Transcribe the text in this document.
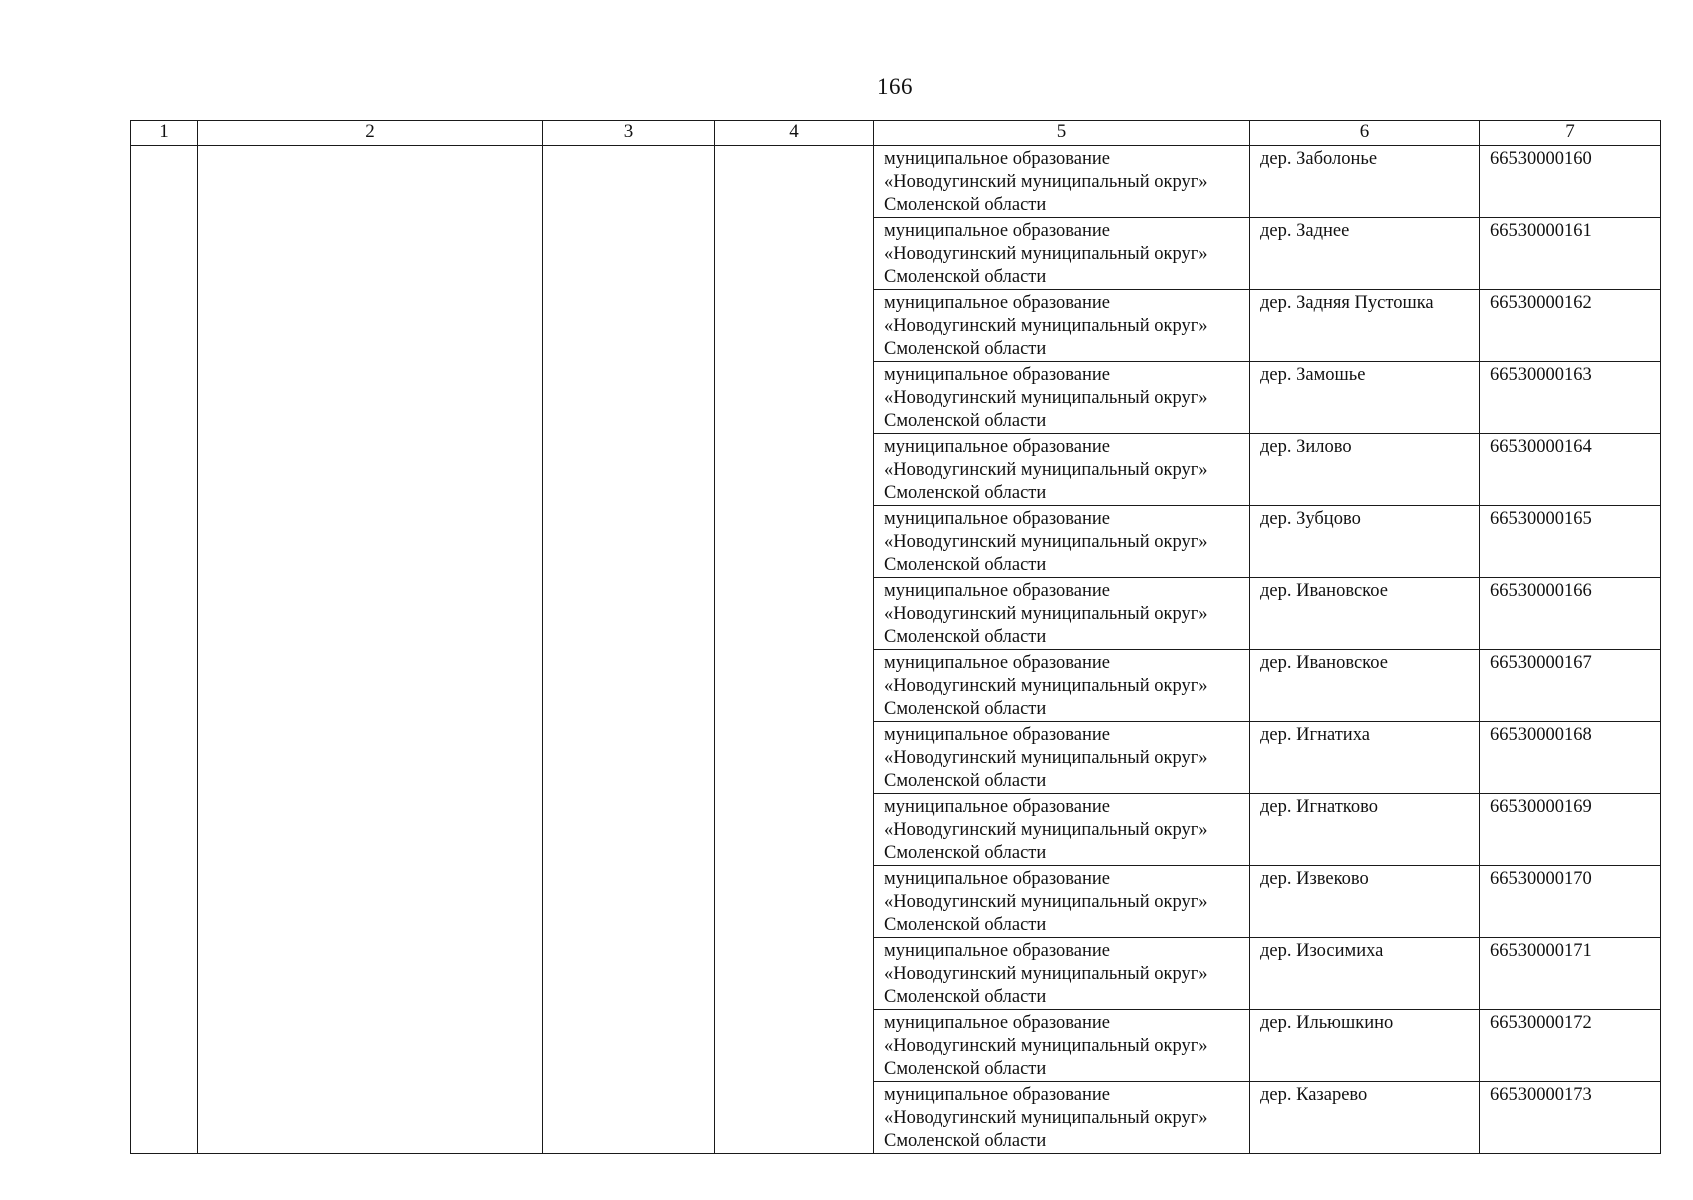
166
1	2	3	4	5	6	7
				муниципальное образование «Новодугинский муниципальный округ» Смоленской области	дер. Заболонье	66530000160
				муниципальное образование «Новодугинский муниципальный округ» Смоленской области	дер. Заднее	66530000161
				муниципальное образование «Новодугинский муниципальный округ» Смоленской области	дер. Задняя Пустошка	66530000162
				муниципальное образование «Новодугинский муниципальный округ» Смоленской области	дер. Замошье	66530000163
				муниципальное образование «Новодугинский муниципальный округ» Смоленской области	дер. Зилово	66530000164
				муниципальное образование «Новодугинский муниципальный округ» Смоленской области	дер. Зубцово	66530000165
				муниципальное образование «Новодугинский муниципальный округ» Смоленской области	дер. Ивановское	66530000166
				муниципальное образование «Новодугинский муниципальный округ» Смоленской области	дер. Ивановское	66530000167
				муниципальное образование «Новодугинский муниципальный округ» Смоленской области	дер. Игнатиха	66530000168
				муниципальное образование «Новодугинский муниципальный округ» Смоленской области	дер. Игнатково	66530000169
				муниципальное образование «Новодугинский муниципальный округ» Смоленской области	дер. Извеково	66530000170
				муниципальное образование «Новодугинский муниципальный округ» Смоленской области	дер. Изосимиха	66530000171
				муниципальное образование «Новодугинский муниципальный округ» Смоленской области	дер. Ильюшкино	66530000172
				муниципальное образование «Новодугинский муниципальный округ» Смоленской области	дер. Казарево	66530000173
